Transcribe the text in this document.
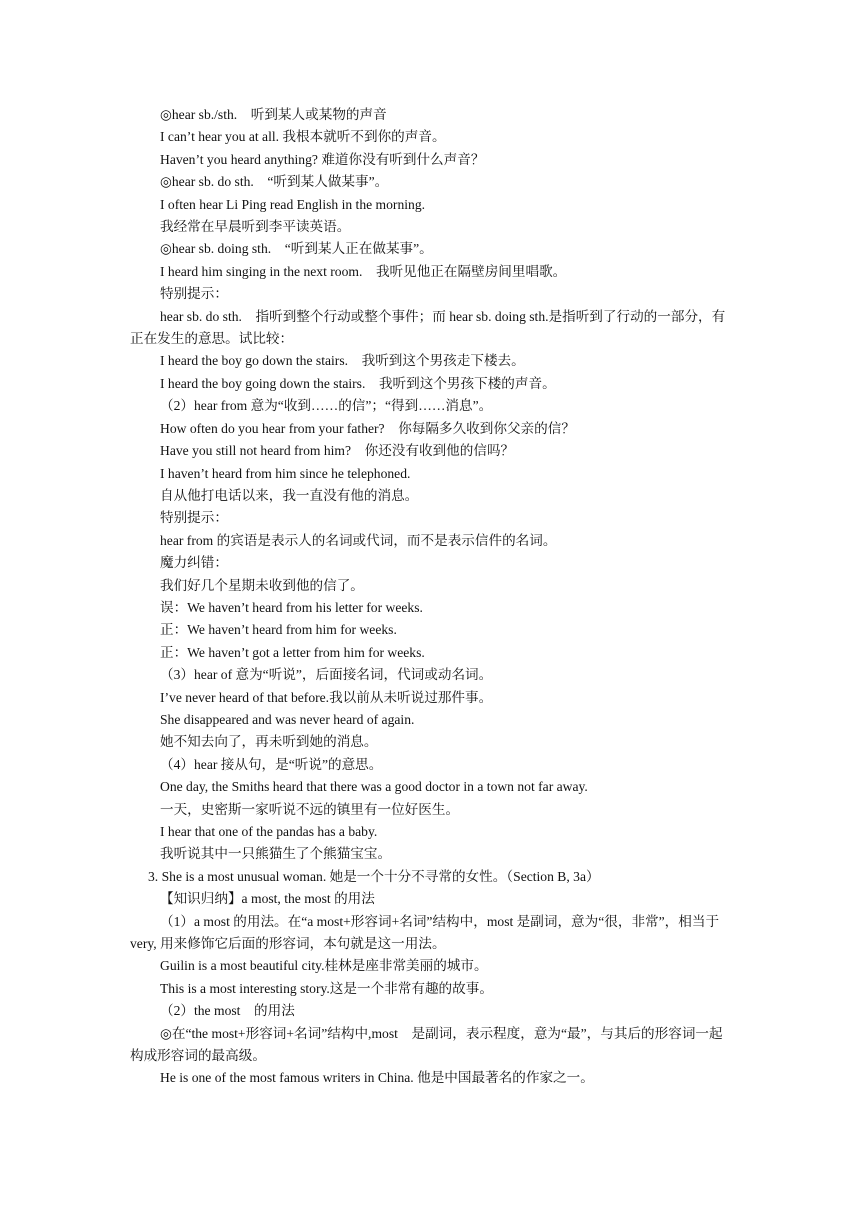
◎hear sb./sth.　听到某人或某物的声音

I can’t hear you at all. 我根本就听不到你的声音。

Haven’t you heard anything? 难道你没有听到什么声音？

◎hear sb. do sth.　“听到某人做某事”。

I often hear Li Ping read English in the morning.

我经常在早晨听到李平读英语。

◎hear sb. doing sth.　“听到某人正在做某事”。

I heard him singing in the next room.　我听见他正在隔壁房间里唱歌。

特别提示：

hear sb. do sth.　指听到整个行动或整个事件；而 hear sb. doing sth.是指听到了行动的一部分，有正在发生的意思。试比较：

I heard the boy go down the stairs.　我听到这个男孩走下楼去。

I heard the boy going down the stairs.　我听到这个男孩下楼的声音。

（2）hear from 意为“收到……的信”；“得到……消息”。

How often do you hear from your father?　你每隔多久收到你父亲的信？

Have you still not heard from him?　你还没有收到他的信吗？

I haven’t heard from him since he telephoned.

自从他打电话以来，我一直没有他的消息。

特别提示：

hear from 的宾语是表示人的名词或代词，而不是表示信件的名词。

魔力纠错：

我们好几个星期未收到他的信了。

误：We haven’t heard from his letter for weeks.

正：We haven’t heard from him for weeks.

正：We haven’t got a letter from him for weeks.

（3）hear of 意为“听说”，后面接名词，代词或动名词。

I’ve never heard of that before.我以前从未听说过那件事。

She disappeared and was never heard of again.

她不知去向了，再未听到她的消息。

（4）hear 接从句，是“听说”的意思。

One day, the Smiths heard that there was a good doctor in a town not far away.

一天，史密斯一家听说不远的镇里有一位好医生。

I hear that one of the pandas has a baby.

我听说其中一只熊猫生了个熊猫宝宝。

3. She is a most unusual woman. 她是一个十分不寻常的女性。（Section B, 3a）

【知识归纳】a most, the most 的用法

（1）a most 的用法。在“a most+形容词+名词”结构中，most 是副词，意为“很，非常”，相当于 very, 用来修饰它后面的形容词，本句就是这一用法。

Guilin is a most beautiful city.桂林是座非常美丽的城市。

This is a most interesting story.这是一个非常有趣的故事。

（2）the most　的用法

◎在“the most+形容词+名词”结构中,most　是副词，表示程度，意为“最”，与其后的形容词一起构成形容词的最高级。

He is one of the most famous writers in China. 他是中国最著名的作家之一。
